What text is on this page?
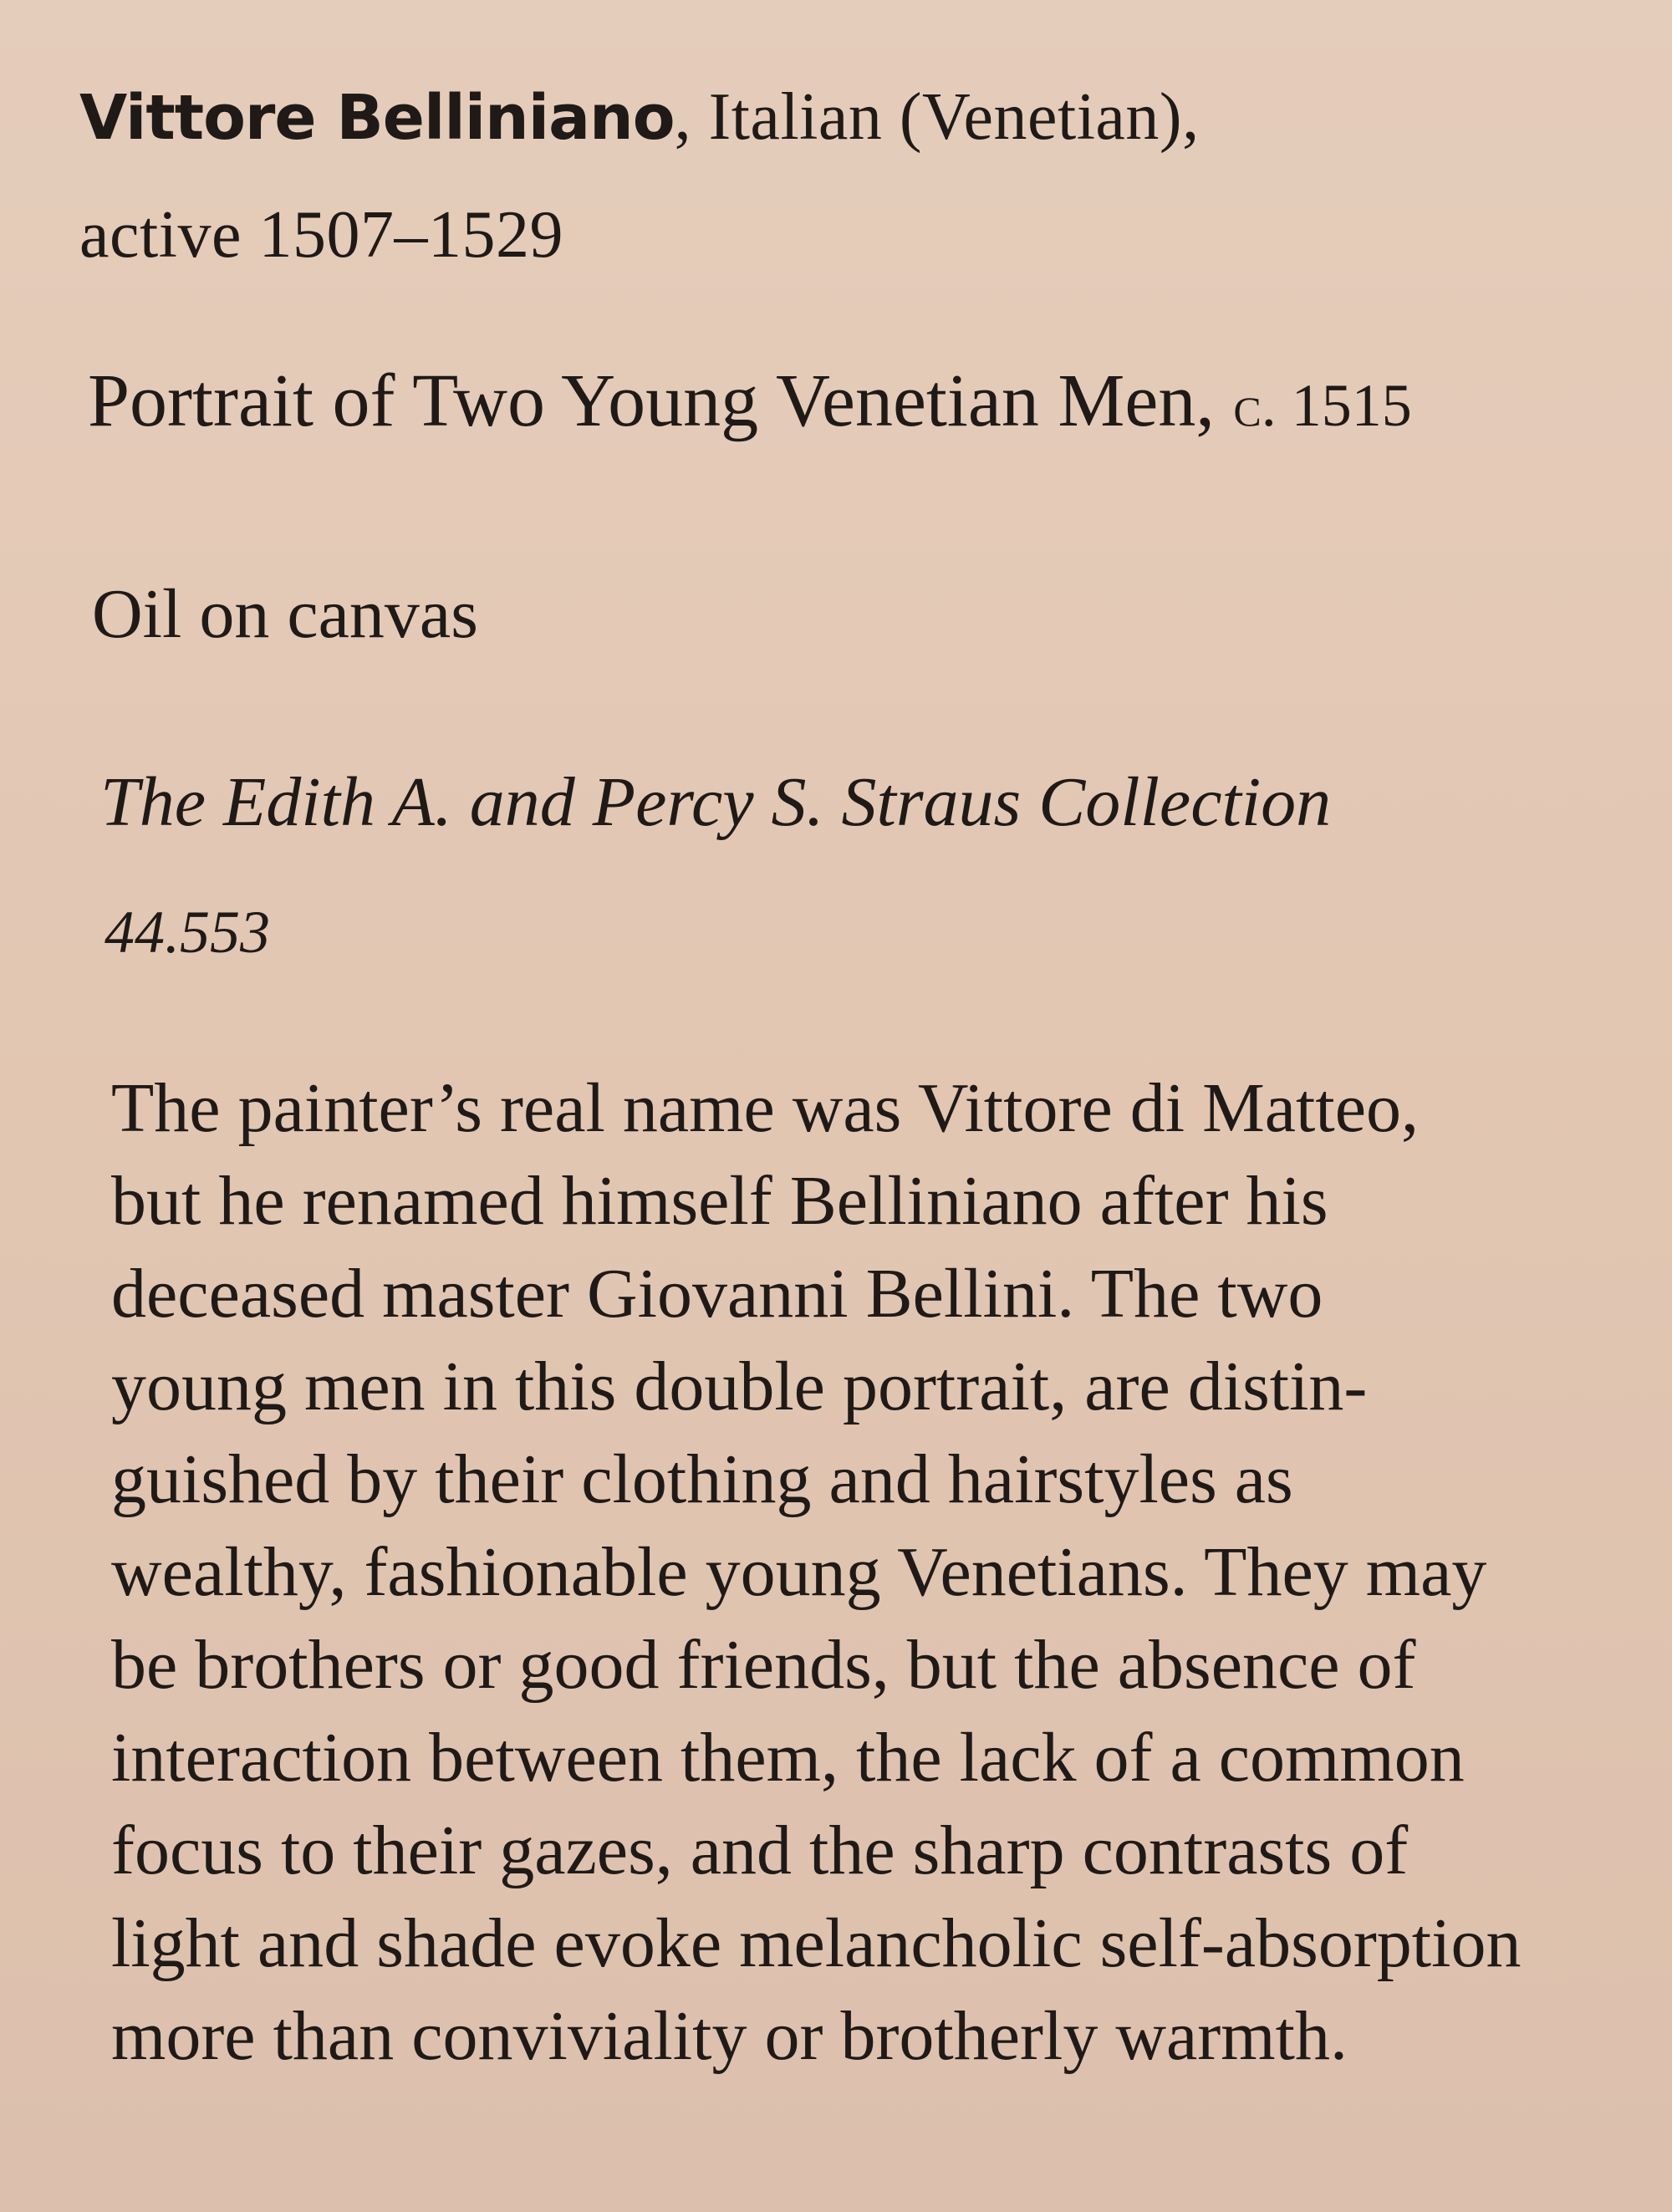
Vittore Belliniano, Italian (Venetian),
active 1507–1529
Portrait of Two Young Venetian Men, c. 1515
Oil on canvas
The Edith A. and Percy S. Straus Collection
44.553
The painter’s real name was Vittore di Matteo,
but he renamed himself Belliniano after his
deceased master Giovanni Bellini. The two
young men in this double portrait, are distin-
guished by their clothing and hairstyles as
wealthy, fashionable young Venetians. They may
be brothers or good friends, but the absence of
interaction between them, the lack of a common
focus to their gazes, and the sharp contrasts of
light and shade evoke melancholic self-absorption
more than conviviality or brotherly warmth.
